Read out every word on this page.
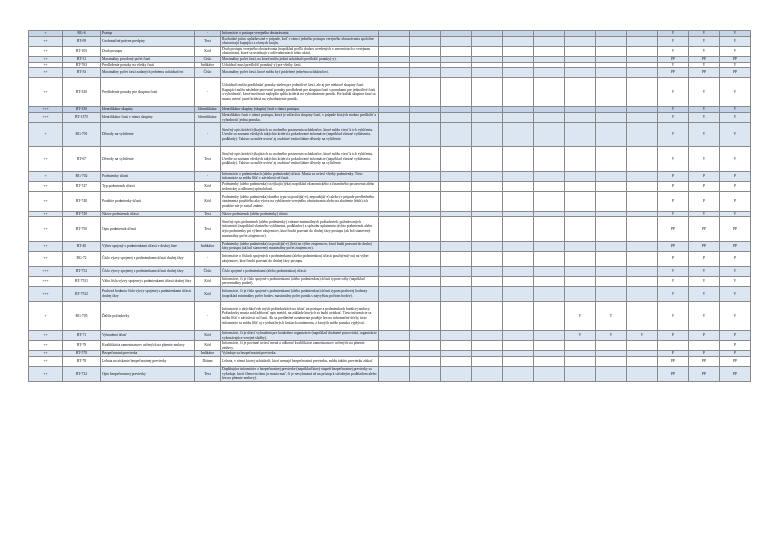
+	BG-6	Postup	-	Informácie o postupe verejného obstarávania.										V	V	V
++	BT-09	Cezhraničné právne predpisy	Text	Rozhodné právo uplatňované v prípade, keď v rámci jedného postupu verejného obstarávania spoločne obstarávajú kupujúci z rôznych krajín.										V	V	V
++	BT-105	Druh postupu	Kód	Druh postupu verejného obstarávania (napríklad podľa druhov uvedených v smerniciach o verejnom obstarávaní, ktoré sa uvádzajú v odôvodneniach tohto aktu).										V	V	V
++	BT-31	Maximálny povolený počet častí	Číslo	Maximálny počet častí, na ktoré môžu jediní uchádzači predložiť ponuky(-y).										PP	PP	PP
++	BT-763	Predloženie ponuky na všetky časti	Indikátor	Uchádzač musí predložiť ponuku(-y) pre všetky časti.										V	V	V
++	BT-33	Maximálny počet častí zadaných jednému uchádzačovi	Číslo	Maximálny počet častí, ktoré môžu byť pridelené jednému uchádzačovi.										PP	PP	PP
++	BT-330	Predloženie ponuky pre skupinu častí	-	Uchádzači môžu predkladať ponuky nielen pre jednotlivé časti, ale aj pre niektoré skupiny častí. Kupujúci môžu následne porovnať ponuky predložené pre skupinu častí s ponukami pre jednotlivé časti a vyhodnotiť, ktoré možnosti najlepšie spĺňa kritériá na vyhodnotenie ponúk. Pre každú skupinu častí sa musia uviesť jasné kritériá na vyhodnotenie ponúk.										V	V	V
+++	BT-330	Identifikátor skupiny	Identifikátor	Identifikátor skupiny (skupín) častí v rámci postupu.										V	V	V
+++	BT-1375	Identifikátor časti v rámci skupiny	Identifikátor	Identifikátor časti v rámci postupu, ktorá je súčasťou skupiny častí, v prípade ktorých možno predložiť a vyhodnotiť jednu ponuku.										V	V	V
+	BG-701	Dôvody na vylúčenie	-	Stručný opis kritérií týkajúcich sa osobného postavenia uchádzačov, ktoré môžu viesť k ich vylúčeniu. Uvedie sa zoznam všetkých takýchto kritérií a požadované informácie (napríklad vlastné vyhlásenia, podklady). Takisto sa môže uviesť aj osobitné vnútroštátne dôvody na vylúčenie.										V	V	V
++	BT-67	Dôvody na vylúčenie	Text	Stručný opis kritérií týkajúcich sa osobného postavenia uchádzačov, ktoré môžu viesť k ich vylúčeniu. Uvedie sa zoznam všetkých takýchto kritérií a požadované informácie (napríklad vlastné vyhlásenia, podklady). Takisto sa môže uviesť aj osobitné vnútroštátne dôvody na vylúčenie.										V	V	V
+	BG-702	Podmienky účasti	-	Informácie o podmienkach (alebo podmienke) účasti. Musia sa uviesť všetky podmienky. Tieto informácie sa môžu líšiť v závislosti od častí.										P	P	P
++	BT-747	Typ podmienok účasti	Kód	Podmienky (alebo podmienka) sa týkajú (týka) napríklad ekonomického a finančného postavenia alebo technickej a odbornej spôsobilosti.										P	P	P
++	BT-748	Použitie podmienky účasti	Kód	Podmienky (alebo podmienka) daného typu sa použijú(-e), nepoužijú(-e) alebo (v prípade predbežného oznámenia použitého ako výzva na vyhlásenie verejného obstarávania alebo na skrátenie lehôt) ich použitie nie je zatiaľ známe.										P	P	P
++	BT-749	Názov podmienok účasti	Text	Názov podmienok (alebo podmienky) účasti.										V	V	V
++	BT-750	Opis podmienok účasti	Text	Stručný opis podmienok (alebo podmienky) vrátane minimálnych požiadaviek, požadovaných informácií (napríklad vlastného vyhlásenia, podkladov) a spôsobu uplatnenia týchto podmienok alebo tejto podmienky pri výbere záujemcov, ktorí budú pozvaní do druhej fázy postupu (ak bol stanovený maximálny počet záujemcov).										PP	PP	PP
++	BT-40	Výber spojený s podmienkami účasti v druhej fáze	Indikátor	Podmienky (alebo podmienka) sa použijú(-e) (len) na výber záujemcov, ktorí budú pozvaní do druhej fázy postupu (ak bol stanovený maximálny počet záujemcov).										PP	PP	PP
++	BG-72	Číslo výzvy spojenej s podmienkami účasti druhej fázy	-	Informácie o číslach spojených s podmienkami (alebo podmienkou) účasti použitými(-ou) na výber záujemcov, ktorí budú pozvaní do druhej fázy postupu.										P	P	P
+++	BT-752	Číslo výzvy spojenej s podmienkami účasti druhej fázy	Číslo	Číslo spojené s podmienkami (alebo podmienkou) účasti.										V	V	V
+++	BT-7531	Váha čísla výzvy spojenej s podmienkami účasti druhej fázy	Kód	Informácie, či je číslo spojené s podmienkami (alebo podmienkou) účasti typom váhy (napríklad percentuálny podiel).										V	V	V
+++	BT-7532	Prahová hodnota čísla výzvy spojenej s podmienkami účasti druhej fázy	Kód	Informácie, či je číslo spojené s podmienkami (alebo podmienkou) účasti typom prahovej hodnoty (napríklad minimálny počet bodov, maximálny počet ponúk s najvyššou počtom bodov).										V	V	V
+	BG-705	Ďalšie požiadavky	-	Informácie o akýchkoľvek iných požiadavkách na účasť na postupe a podmienkach budúcej zmluvy. Požiadavky musia zohľadňovať opis metód, na základe ktorých sa budú uvádzať. Tieto informácie sa môžu líšiť v závislosti od častí. Ak sa predbežné oznámenie použije len na informačné účely, tieto informácie sa môžu líšiť aj v jednotlivých častiach oznámenia, z ktorých môže ponuka vyplývať.							V	V		V	V	V
++	BT-71	Vyhradená účasť	Kód	Informácie, či je účasť vyhradená pre konkrétne organizácie (napríklad chránené pracoviská, organizácie vykonávajúce verejné služby).							V	V	V	P	P	P
++	BT-79	Kvalifikácia zamestnancov určených na plnenie zmluvy	Kód	Informácie, či je povinné uviesť mená a odborné kvalifikácie zamestnancov určených na plnenie zmluvy.												P
++	BT-578	Bezpečnostná previerka	Indikátor	Vyžaduje sa bezpečnostná previerka.										P	P	P
++	BT-78	Lehota na získanie bezpečnostnej previerky	Dátum	Lehota, v rámci ktorej uchádzači, ktorí nemajú bezpečnostnú previerku, môžu takúto previerku získať.										PP	PP	PP
++	BT-732	Opis bezpečnostnej previerky	Text	Doplňujúce informácie o bezpečnostnej previerke (napríklad ktorý stupeň bezpečnostnej previerky sa vyžaduje, ktorí členovia tímu ju musia mať, či je nevyhnutná až na prístup k súťažným podkladom alebo len na plnenie zmluvy).										PP	PP	PP
